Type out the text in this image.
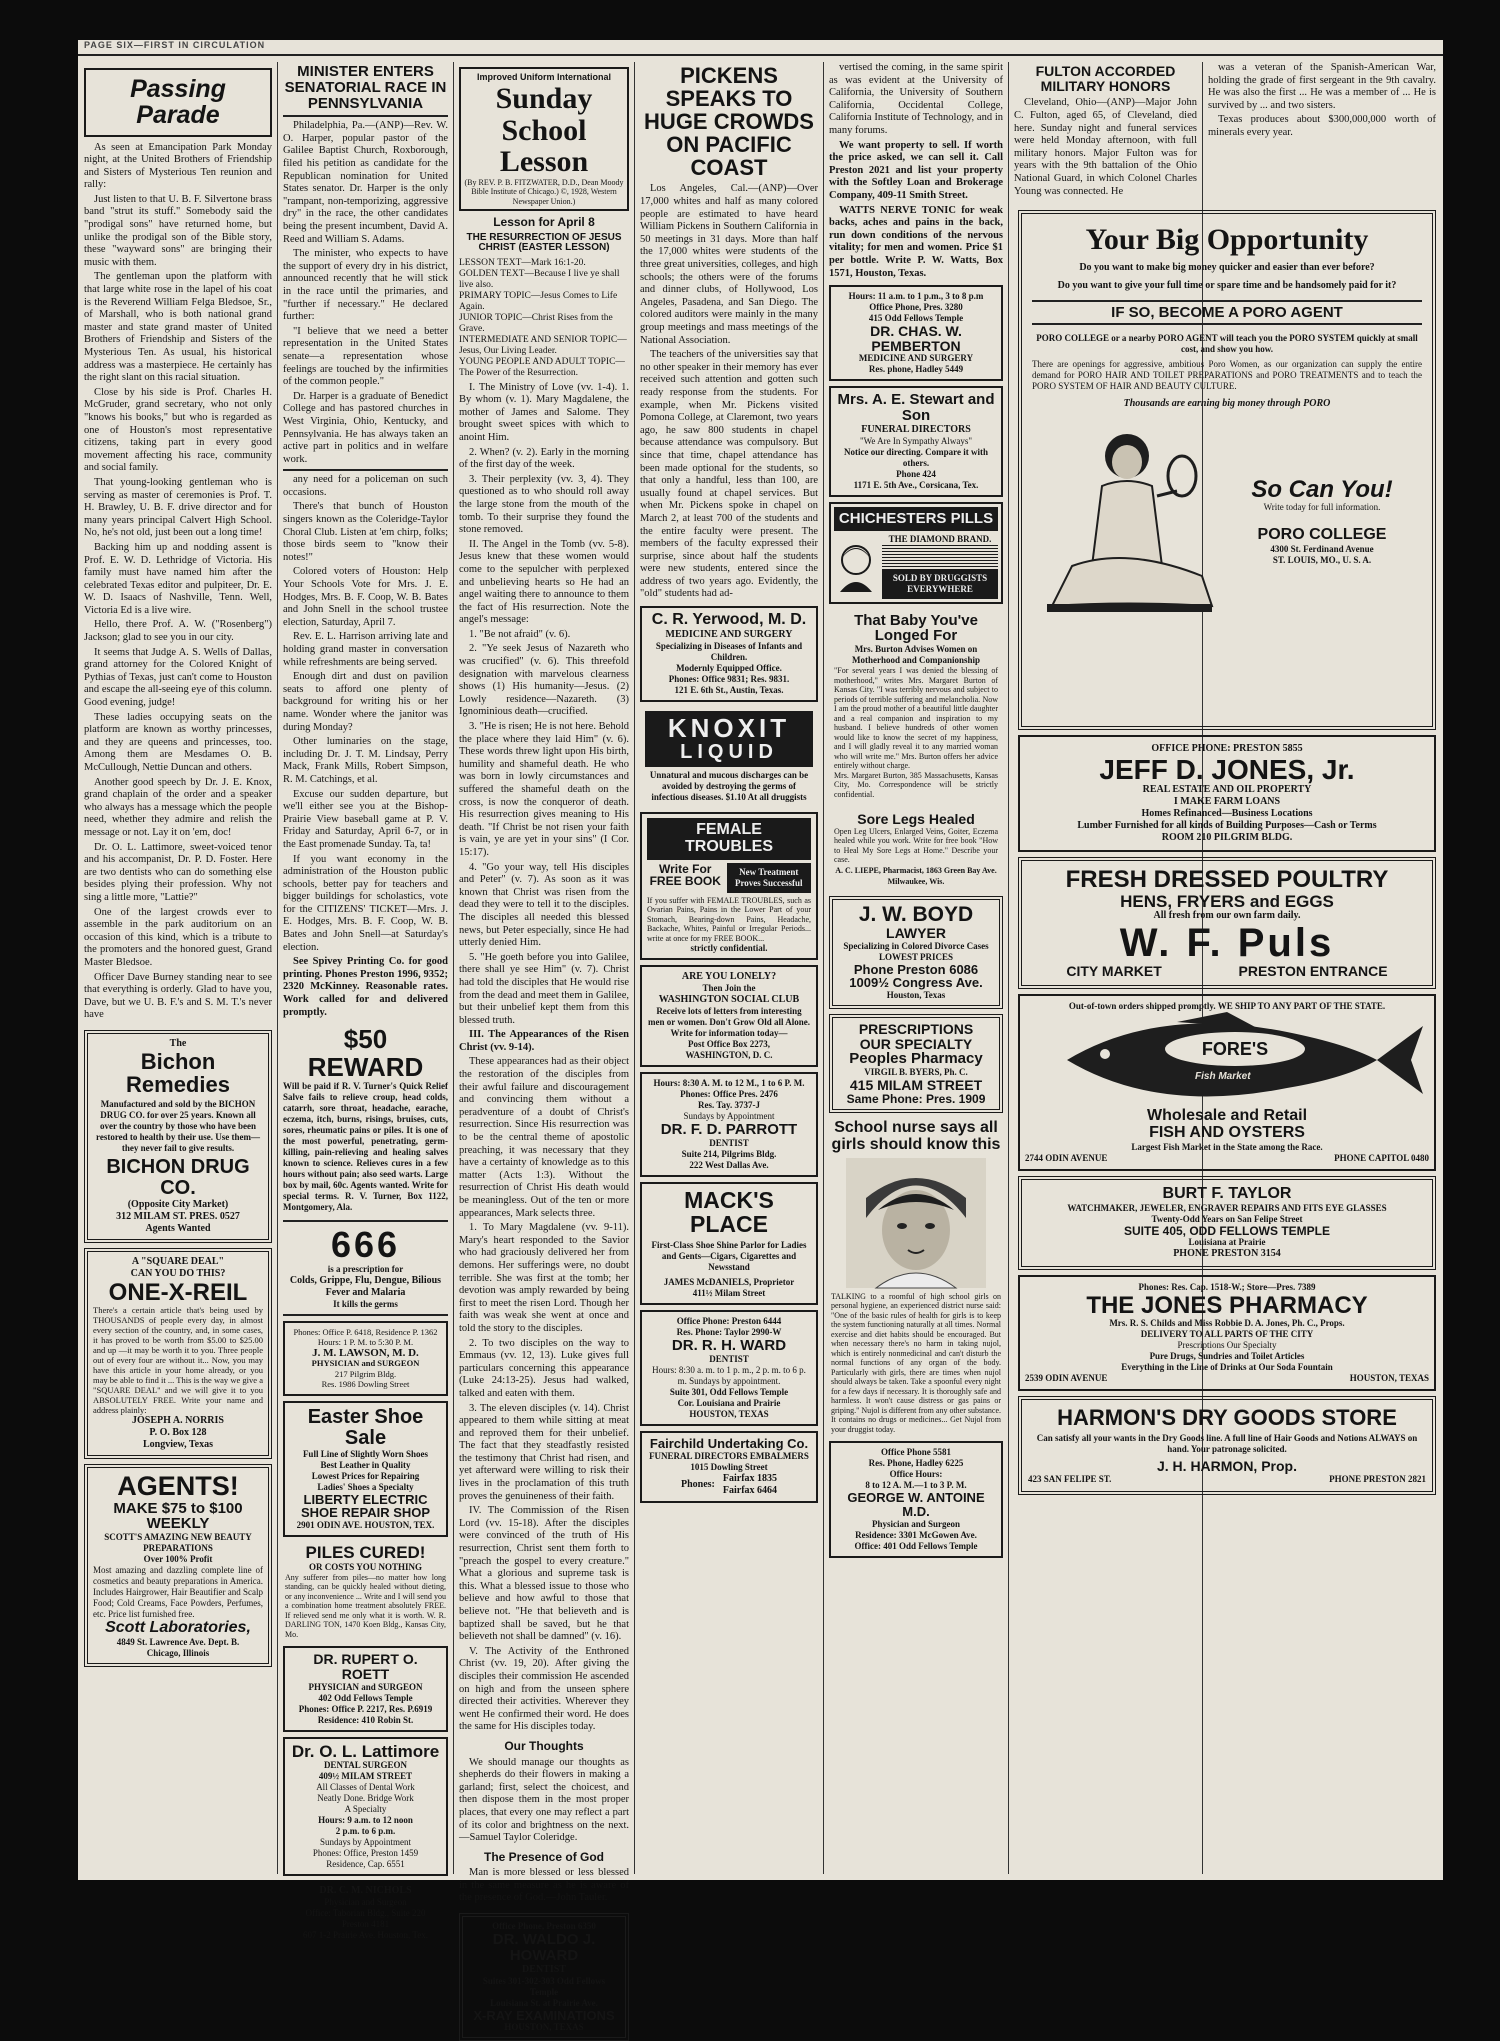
PAGE SIX—FIRST IN CIRCULATION
Passing Parade

As seen at Emancipation Park Monday night, at the United Brothers of Friendship and Sisters of Mysterious Ten reunion and rally:

Just listen to that U. B. F. Silvertone brass band "strut its stuff." Somebody said the "prodigal sons" have returned home, but unlike the prodigal son of the Bible story, these "wayward sons" are bringing their music with them.

The gentleman upon the platform with that large white rose in the lapel of his coat is the Reverend William Felga Bledsoe, Sr., of Marshall, who is both national grand master and state grand master of United Brothers of Friendship and Sisters of the Mysterious Ten. As usual, his historical address was a masterpiece. He certainly has the right slant on this racial situation.

Close by his side is Prof. Charles H. McGruder, grand secretary, who not only "knows his books," but who is regarded as one of Houston's most representative citizens, taking part in every good movement affecting his race, community and social family.

That young-looking gentleman who is serving as master of ceremonies is Prof. T. H. Brawley, U. B. F. drive director and for many years principal Calvert High School. No, he's not old, just been out a long time!

Backing him up and nodding assent is Prof. E. W. D. Lethridge of Victoria. His family must have named him after the celebrated Texas editor and pulpiteer, Dr. E. W. D. Isaacs of Nashville, Tenn. Well, Victoria Ed is a live wire.

Hello, there Prof. A. W. ("Rosenberg") Jackson; glad to see you in our city.

It seems that Judge A. S. Wells of Dallas, grand attorney for the Colored Knight of Pythias of Texas, just can't come to Houston and escape the all-seeing eye of this column. Good evening, judge!

These ladies occupying seats on the platform are known as worthy princesses, and they are queens and princesses, too. Among them are Mesdames O. B. McCullough, Nettie Duncan and others.

Another good speech by Dr. J. E. Knox, grand chaplain of the order and a speaker who always has a message which the people need, whether they admire and relish the message or not. Lay it on 'em, doc!

Dr. O. L. Lattimore, sweet-voiced tenor and his accompanist, Dr. P. D. Foster. Here are two dentists who can do something else besides plying their profession. Why not sing a little more, "Lattie?"

One of the largest crowds ever to assemble in the park auditorium on an occasion of this kind, which is a tribute to the promoters and the honored guest, Grand Master Bledsoe.

Officer Dave Burney standing near to see that everything is orderly. Glad to have you, Dave, but we U. B. F.'s and S. M. T.'s never have

The
Bichon Remedies
Manufactured and sold by the BICHON DRUG CO. for over 25 years. Known all over the country by those who have been restored to health by their use. Use them—they never fail to give results.
BICHON DRUG CO.
(Opposite City Market)
312 MILAM ST. PRES. 0527
Agents Wanted
A "SQUARE DEAL"
CAN YOU DO THIS?
ONE-X-REIL
There's a certain article that's being used by THOUSANDS of people every day, in almost every section of the country, and, in some cases, it has proved to be worth from $5.00 to $25.00 and up —it may be worth it to you. Three people out of every four are without it... Now, you may have this article in your home already, or you may be able to find it ... This is the way we give a "SQUARE DEAL" and we will give it to you ABSOLUTELY FREE. Write your name and address plainly:
JOSEPH A. NORRIS
P. O. Box 128
Longview, Texas
AGENTS!
MAKE $75 to $100 WEEKLY
SCOTT'S AMAZING NEW BEAUTY PREPARATIONS
Over 100% Profit
Most amazing and dazzling complete line of cosmetics and beauty preparations in America. Includes Hairgrower, Hair Beautifier and Scalp Food; Cold Creams, Face Powders, Perfumes, etc. Price list furnished free.
Scott Laboratories,
4849 St. Lawrence Ave. Dept. B.
Chicago, Illinois
MINISTER ENTERS SENATORIAL RACE IN PENNSYLVANIA

Philadelphia, Pa.—(ANP)—Rev. W. O. Harper, popular pastor of the Galilee Baptist Church, Roxborough, filed his petition as candidate for the Republican nomination for United States senator. Dr. Harper is the only "rampant, non-temporizing, aggressive dry" in the race, the other candidates being the present incumbent, David A. Reed and William S. Adams.

The minister, who expects to have the support of every dry in his district, announced recently that he will stick in the race until the primaries, and "further if necessary." He declared further:

"I believe that we need a better representation in the United States senate—a representation whose feelings are touched by the infirmities of the common people."

Dr. Harper is a graduate of Benedict College and has pastored churches in West Virginia, Ohio, Kentucky, and Pennsylvania. He has always taken an active part in politics and in welfare work.

any need for a policeman on such occasions.

There's that bunch of Houston singers known as the Coleridge-Taylor Choral Club. Listen at 'em chirp, folks; those birds seem to "know their notes!"

Colored voters of Houston: Help Your Schools Vote for Mrs. J. E. Hodges, Mrs. B. F. Coop, W. B. Bates and John Snell in the school trustee election, Saturday, April 7.

Rev. E. L. Harrison arriving late and holding grand master in conversation while refreshments are being served.

Enough dirt and dust on pavilion seats to afford one plenty of background for writing his or her name. Wonder where the janitor was during Monday?

Other luminaries on the stage, including Dr. J. T. M. Lindsay, Perry Mack, Frank Mills, Robert Simpson, R. M. Catchings, et al.

Excuse our sudden departure, but we'll either see you at the Bishop-Prairie View baseball game at P. V. Friday and Saturday, April 6-7, or in the East promenade Sunday. Ta, ta!

If you want economy in the administration of the Houston public schools, better pay for teachers and bigger buildings for scholastics, vote for the CITIZENS' TICKET—Mrs. J. E. Hodges, Mrs. B. F. Coop, W. B. Bates and John Snell—at Saturday's election.

See Spivey Printing Co. for good printing. Phones Preston 1996, 9352; 2320 McKinney. Reasonable rates. Work called for and delivered promptly.

$50 REWARD
Will be paid if R. V. Turner's Quick Relief Salve fails to relieve croup, head colds, catarrh, sore throat, headache, earache, eczema, itch, burns, risings, bruises, cuts, sores, rheumatic pains or piles. It is one of the most powerful, penetrating, germ-killing, pain-relieving and healing salves known to science. Relieves cures in a few hours without pain; also seed warts. Large box by mail, 60c. Agents wanted. Write for special terms. R. V. Turner, Box 1122, Montgomery, Ala.
666
is a prescription for
Colds, Grippe, Flu, Dengue, Bilious Fever and Malaria
It kills the germs
Phones: Office P. 6418, Residence P. 1362
Hours: 1 P. M. to 5:30 P. M.
J. M. LAWSON, M. D.
PHYSICIAN and SURGEON
217 Pilgrim Bldg.
Res. 1986 Dowling Street
Easter Shoe Sale
Full Line of Slightly Worn Shoes
Best Leather in Quality
Lowest Prices for Repairing
Ladies' Shoes a Specialty
LIBERTY ELECTRIC SHOE REPAIR SHOP
2901 ODIN AVE. HOUSTON, TEX.
PILES CURED!
OR COSTS YOU NOTHING
Any sufferer from piles—no matter how long standing, can be quickly healed without dieting, or any inconvenience ... Write and I will send you a combination home treatment absolutely FREE. If relieved send me only what it is worth. W. R. DARLING TON, 1470 Koen Bldg., Kansas City, Mo.
DR. RUPERT O. ROETT
PHYSICIAN and SURGEON
402 Odd Fellows Temple
Phones: Office P. 2217, Res. P.6919
Residence: 410 Robin St.
Dr. O. L. Lattimore
DENTAL SURGEON
409½ MILAM STREET
All Classes of Dental Work
Neatly Done. Bridge Work
A Specialty
Hours: 9 a.m. to 12 noon
2 p.m. to 6 p.m.
Sundays by Appointment
Phones: Office, Preston 1459
Residence, Cap. 6551
DR. C. M. NICHOLS
Physician and Surgeon
Office: Taborian Bldg., Suite 220
Preston 4181
607 1-2 Prairie Ave. Houston, Tex.
Improved Uniform International
Sunday School
Lesson
(By REV. P. B. FITZWATER, D.D., Dean Moody Bible Institute of Chicago.) ©, 1928, Western Newspaper Union.)
Lesson for April 8
THE RESURRECTION OF JESUS CHRIST (EASTER LESSON)
LESSON TEXT—Mark 16:1-20.
GOLDEN TEXT—Because I live ye shall live also.
PRIMARY TOPIC—Jesus Comes to Life Again.
JUNIOR TOPIC—Christ Rises from the Grave.
INTERMEDIATE AND SENIOR TOPIC—Jesus, Our Living Leader.
YOUNG PEOPLE AND ADULT TOPIC—The Power of the Resurrection.

I. The Ministry of Love (vv. 1-4). 1. By whom (v. 1). Mary Magdalene, the mother of James and Salome. They brought sweet spices with which to anoint Him.

2. When? (v. 2). Early in the morning of the first day of the week.

3. Their perplexity (vv. 3, 4). They questioned as to who should roll away the large stone from the mouth of the tomb. To their surprise they found the stone removed.

II. The Angel in the Tomb (vv. 5-8). Jesus knew that these women would come to the sepulcher with perplexed and unbelieving hearts so He had an angel waiting there to announce to them the fact of His resurrection. Note the angel's message:

1. "Be not afraid" (v. 6).

2. "Ye seek Jesus of Nazareth who was crucified" (v. 6). This threefold designation with marvelous clearness shows (1) His humanity—Jesus. (2) Lowly residence—Nazareth. (3) Ignominious death—crucified.

3. "He is risen; He is not here. Behold the place where they laid Him" (v. 6). These words threw light upon His birth, humility and shameful death. He who was born in lowly circumstances and suffered the shameful death on the cross, is now the conqueror of death. His resurrection gives meaning to His death. "If Christ be not risen your faith is vain, ye are yet in your sins" (I Cor. 15:17).

4. "Go your way, tell His disciples and Peter" (v. 7). As soon as it was known that Christ was risen from the dead they were to tell it to the disciples. The disciples all needed this blessed news, but Peter especially, since He had utterly denied Him.

5. "He goeth before you into Galilee, there shall ye see Him" (v. 7). Christ had told the disciples that He would rise from the dead and meet them in Galilee, but their unbelief kept them from this blessed truth.

III. The Appearances of the Risen Christ (vv. 9-14).

These appearances had as their object the restoration of the disciples from their awful failure and discouragement and convincing them without a peradventure of a doubt of Christ's resurrection. Since His resurrection was to be the central theme of apostolic preaching, it was necessary that they have a certainty of knowledge as to this matter (Acts 1:3). Without the resurrection of Christ His death would be meaningless. Out of the ten or more appearances, Mark selects three.

1. To Mary Magdalene (vv. 9-11). Mary's heart responded to the Savior who had graciously delivered her from demons. Her sufferings were, no doubt terrible. She was first at the tomb; her devotion was amply rewarded by being first to meet the risen Lord. Though her faith was weak she went at once and told the story to the disciples.

2. To two disciples on the way to Emmaus (vv. 12, 13). Luke gives full particulars concerning this appearance (Luke 24:13-25). Jesus had walked, talked and eaten with them.

3. The eleven disciples (v. 14). Christ appeared to them while sitting at meat and reproved them for their unbelief. The fact that they steadfastly resisted the testimony that Christ had risen, and yet afterward were willing to risk their lives in the proclamation of this truth proves the genuineness of their faith.

IV. The Commission of the Risen Lord (vv. 15-18). After the disciples were convinced of the truth of His resurrection, Christ sent them forth to "preach the gospel to every creature." What a glorious and supreme task is this. What a blessed issue to those who believe and how awful to those that believe not. "He that believeth and is baptized shall be saved, but he that believeth not shall be damned" (v. 16).

V. The Activity of the Enthroned Christ (vv. 19, 20). After giving the disciples their commission He ascended on high and from the unseen sphere directed their activities. Wherever they went He confirmed their word. He does the same for His disciples today.

Our Thoughts

We should manage our thoughts as shepherds do their flowers in making a garland; first, select the choicest, and then dispose them in the most proper places, that every one may reflect a part of its color and brightness on the next.—Samuel Taylor Coleridge.

The Presence of God

Man is more blessed or less blessed in the same measure as he is aware of the presence of God.—John Tauler.

Office Phone, Preston 6350
DR. WALDO J. HOWARD
DENTIST
Suites 301-302-303 Odd Fellows Temple
Louisiana St. at Prairie Ave.
X-RAY EXAMINATIONS
HOUSTON, TEXAS
PICKENS SPEAKS TO HUGE CROWDS ON PACIFIC COAST

Los Angeles, Cal.—(ANP)—Over 17,000 whites and half as many colored people are estimated to have heard William Pickens in Southern California in 50 meetings in 31 days. More than half the 17,000 whites were students of the three great universities, colleges, and high schools; the others were of the forums and dinner clubs, of Hollywood, Los Angeles, Pasadena, and San Diego. The colored auditors were mainly in the many group meetings and mass meetings of the National Association.

The teachers of the universities say that no other speaker in their memory has ever received such attention and gotten such ready response from the students. For example, when Mr. Pickens visited Pomona College, at Claremont, two years ago, he saw 800 students in chapel because attendance was compulsory. But since that time, chapel attendance has been made optional for the students, so that only a handful, less than 100, are usually found at chapel services. But when Mr. Pickens spoke in chapel on March 2, at least 700 of the students and the entire faculty were present. The members of the faculty expressed their surprise, since about half the students were new students, entered since the address of two years ago. Evidently, the "old" students had ad-

C. R. Yerwood, M. D.
MEDICINE AND SURGERY
Specializing in Diseases of Infants and Children.
Modernly Equipped Office.
Phones: Office 9831; Res. 9831.
121 E. 6th St., Austin, Texas.
KNOXIT
LIQUID
Unnatural and mucous discharges can be avoided by destroying the germs of infectious diseases. $1.10 At all druggists
FEMALE TROUBLES
Write For FREE BOOK
New Treatment Proves Successful
If you suffer with FEMALE TROUBLES, such as Ovarian Pains, Pains in the Lower Part of your Stomach, Bearing-down Pains, Headache, Backache, Whites, Painful or Irregular Periods... write at once for my FREE BOOK...
strictly confidential.
ARE YOU LONELY?
Then Join the
WASHINGTON SOCIAL CLUB
Receive lots of letters from interesting men or women. Don't Grow Old all Alone. Write for information today—
Post Office Box 2273,
WASHINGTON, D. C.
Hours: 8:30 A. M. to 12 M., 1 to 6 P. M.
Phones: Office Pres. 2476
Res. Tay. 3737-J
Sundays by Appointment
DR. F. D. PARROTT
DENTIST
Suite 214, Pilgrims Bldg.
222 West Dallas Ave.
MACK'S PLACE
First-Class Shoe Shine Parlor for Ladies and Gents—Cigars, Cigarettes and Newsstand
JAMES McDANIELS, Proprietor
411½ Milam Street
Office Phone: Preston 6444
Res. Phone: Taylor 2990-W
DR. R. H. WARD
DENTIST
Hours: 8:30 a. m. to 1 p. m., 2 p. m. to 6 p. m. Sundays by appointment.
Suite 301, Odd Fellows Temple
Cor. Louisiana and Prairie
HOUSTON, TEXAS
Fairchild Undertaking Co.
FUNERAL DIRECTORS EMBALMERS
1015 Dowling Street
Phones:
Fairfax 1835
Fairfax 6464

vertised the coming, in the same spirit as was evident at the University of California, the University of Southern California, Occidental College, California Institute of Technology, and in many forums.

We want property to sell. If worth the price asked, we can sell it. Call Preston 2021 and list your property with the Softley Loan and Brokerage Company, 409-11 Smith Street.

WATTS NERVE TONIC for weak backs, aches and pains in the back, run down conditions of the nervous vitality; for men and women. Price $1 per bottle. Write P. W. Watts, Box 1571, Houston, Texas.

Hours: 11 a.m. to 1 p.m., 3 to 8 p.m
Office Phone, Pres. 3280
415 Odd Fellows Temple
DR. CHAS. W. PEMBERTON
MEDICINE AND SURGERY
Res. phone, Hadley 5449
Mrs. A. E. Stewart and Son
FUNERAL DIRECTORS
"We Are In Sympathy Always"
Notice our directing. Compare it with others.
Phone 424
1171 E. 5th Ave., Corsicana, Tex.
CHICHESTERS PILLS
THE DIAMOND BRAND.
SOLD BY DRUGGISTS EVERYWHERE
That Baby You've Longed For
Mrs. Burton Advises Women on Motherhood and Companionship
"For several years I was denied the blessing of motherhood," writes Mrs. Margaret Burton of Kansas City. "I was terribly nervous and subject to periods of terrible suffering and melancholia. Now I am the proud mother of a beautiful little daughter and a real companion and inspiration to my husband. I believe hundreds of other women would like to know the secret of my happiness, and I will gladly reveal it to any married woman who will write me." Mrs. Burton offers her advice entirely without charge.
Mrs. Margaret Burton, 385 Massachusetts, Kansas City, Mo. Correspondence will be strictly confidential.
Sore Legs Healed
Open Leg Ulcers, Enlarged Veins, Goiter, Eczema healed while you work. Write for free book "How to Heal My Sore Legs at Home." Describe your case.
A. C. LIEPE, Pharmacist, 1863 Green Bay Ave. Milwaukee, Wis.
J. W. BOYD
LAWYER
Specializing in Colored Divorce Cases
LOWEST PRICES
Phone Preston 6086
1009½ Congress Ave.
Houston, Texas
PRESCRIPTIONS
OUR SPECIALTY
Peoples Pharmacy
VIRGIL B. BYERS, Ph. C.
415 MILAM STREET
Same Phone: Pres. 1909
School nurse says all girls should know this
TALKING to a roomful of high school girls on personal hygiene, an experienced district nurse said: "One of the basic rules of health for girls is to keep the system functioning naturally at all times. Normal exercise and diet habits should be encouraged. But when necessary there's no harm in taking nujol, which is entirely nonmedicinal and can't disturb the normal functions of any organ of the body. Particularly with girls, there are times when nujol should always be taken. Take a spoonful every night for a few days if necessary. It is thoroughly safe and harmless. It won't cause distress or gas pains or griping." Nujol is different from any other substance. It contains no drugs or medicines... Get Nujol from your druggist today.
Office Phone 5581
Res. Phone, Hadley 6225
Office Hours:
8 to 12 A. M.—1 to 3 P. M.
GEORGE W. ANTOINE M.D.
Physician and Surgeon
Residence: 3301 McGowen Ave.
Office: 401 Odd Fellows Temple
FULTON ACCORDED MILITARY HONORS

Cleveland, Ohio—(ANP)—Major John C. Fulton, aged 65, of Cleveland, died here. Sunday night and funeral services were held Monday afternoon, with full military honors. Major Fulton was for years with the 9th battalion of the Ohio National Guard, in which Colonel Charles Young was connected. He

was a veteran of the Spanish-American War, holding the grade of first sergeant in the 9th cavalry. He was also the first ... He was a member of ... He is survived by ... and two sisters.

Texas produces about $300,000,000 worth of minerals every year.

Your Big Opportunity
Do you want to make big money quicker and easier than ever before?
Do you want to give your full time or spare time and be handsomely paid for it?
IF SO, BECOME A PORO AGENT
PORO COLLEGE or a nearby PORO AGENT will teach you the PORO SYSTEM quickly at small cost, and show you how.
There are openings for aggressive, ambitious Poro Women, as our organization can supply the entire demand for PORO HAIR AND TOILET PREPARATIONS and PORO TREATMENTS and to teach the PORO SYSTEM OF HAIR AND BEAUTY CULTURE.
Thousands are earning big money through PORO
So Can You!
Write today for full information.
PORO COLLEGE
4300 St. Ferdinand Avenue
ST. LOUIS, MO., U. S. A.
OFFICE PHONE: PRESTON 5855
JEFF D. JONES, Jr.
REAL ESTATE AND OIL PROPERTY
I MAKE FARM LOANS
Homes Refinanced—Business Locations
Lumber Furnished for all kinds of Building Purposes—Cash or Terms
ROOM 210 PILGRIM BLDG.
FRESH DRESSED POULTRY
HENS, FRYERS and EGGS
All fresh from our own farm daily.
W. F. Puls
CITY MARKET	PRESTON ENTRANCE
Out-of-town orders shipped promptly. WE SHIP TO ANY PART OF THE STATE.
FORE'S
Fish Market
Wholesale and Retail
FISH AND OYSTERS
Largest Fish Market in the State among the Race.
2744 ODIN AVENUE	PHONE CAPITOL 0480
BURT F. TAYLOR
WATCHMAKER, JEWELER, ENGRAVER REPAIRS AND FITS EYE GLASSES
Twenty-Odd Years on San Felipe Street
SUITE 405, ODD FELLOWS TEMPLE
Louisiana at Prairie
PHONE PRESTON 3154
Phones: Res. Cap. 1518-W.; Store—Pres. 7389
THE JONES PHARMACY
Mrs. R. S. Childs and Miss Robbie D. A. Jones, Ph. C., Props.
DELIVERY TO ALL PARTS OF THE CITY
Prescriptions Our Specialty
Pure Drugs, Sundries and Toilet Articles
Everything in the Line of Drinks at Our Soda Fountain
2539 ODIN AVENUE	HOUSTON, TEXAS
HARMON'S DRY GOODS STORE
Can satisfy all your wants in the Dry Goods line. A full line of Hair Goods and Notions ALWAYS on hand. Your patronage solicited.
J. H. HARMON, Prop.
423 SAN FELIPE ST.	PHONE PRESTON 2821
